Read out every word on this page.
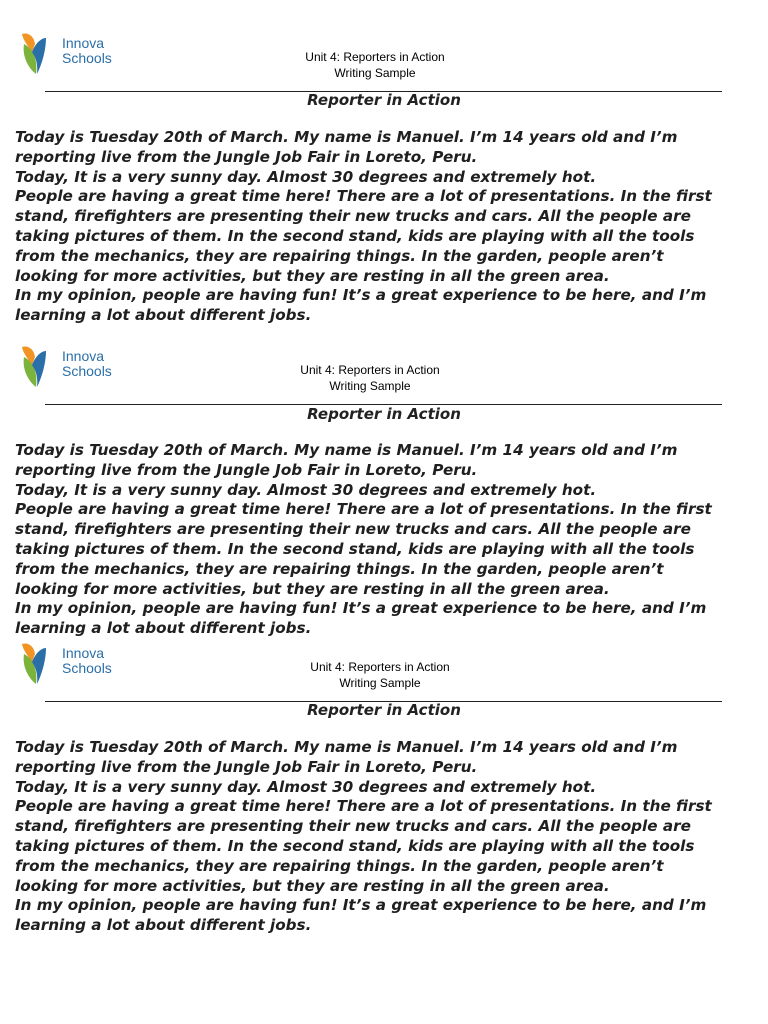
Innova
Schools	Unit 4: Reporters in Action
Writing Sample
Reporter in Action
Today is Tuesday 20th of March. My name is Manuel. I’m 14 years old and I’m
reporting live from the Jungle Job Fair in Loreto, Peru.
Today, It is a very sunny day. Almost 30 degrees and extremely hot.
People are having a great time here! There are a lot of presentations. In the first
stand, firefighters are presenting their new trucks and cars. All the people are
taking pictures of them. In the second stand, kids are playing with all the tools
from the mechanics, they are repairing things. In the garden, people aren’t
looking for more activities, but they are resting in all the green area.
In my opinion, people are having fun! It’s a great experience to be here, and I’m
learning a lot about different jobs.
Innova
Schools	Unit 4: Reporters in Action
Writing Sample
Reporter in Action
Today is Tuesday 20th of March. My name is Manuel. I’m 14 years old and I’m
reporting live from the Jungle Job Fair in Loreto, Peru.
Today, It is a very sunny day. Almost 30 degrees and extremely hot.
People are having a great time here! There are a lot of presentations. In the first
stand, firefighters are presenting their new trucks and cars. All the people are
taking pictures of them. In the second stand, kids are playing with all the tools
from the mechanics, they are repairing things. In the garden, people aren’t
looking for more activities, but they are resting in all the green area.
In my opinion, people are having fun! It’s a great experience to be here, and I’m
learning a lot about different jobs.
Innova
Schools	Unit 4: Reporters in Action
Writing Sample
Reporter in Action
Today is Tuesday 20th of March. My name is Manuel. I’m 14 years old and I’m
reporting live from the Jungle Job Fair in Loreto, Peru.
Today, It is a very sunny day. Almost 30 degrees and extremely hot.
People are having a great time here! There are a lot of presentations. In the first
stand, firefighters are presenting their new trucks and cars. All the people are
taking pictures of them. In the second stand, kids are playing with all the tools
from the mechanics, they are repairing things. In the garden, people aren’t
looking for more activities, but they are resting in all the green area.
In my opinion, people are having fun! It’s a great experience to be here, and I’m
learning a lot about different jobs.
